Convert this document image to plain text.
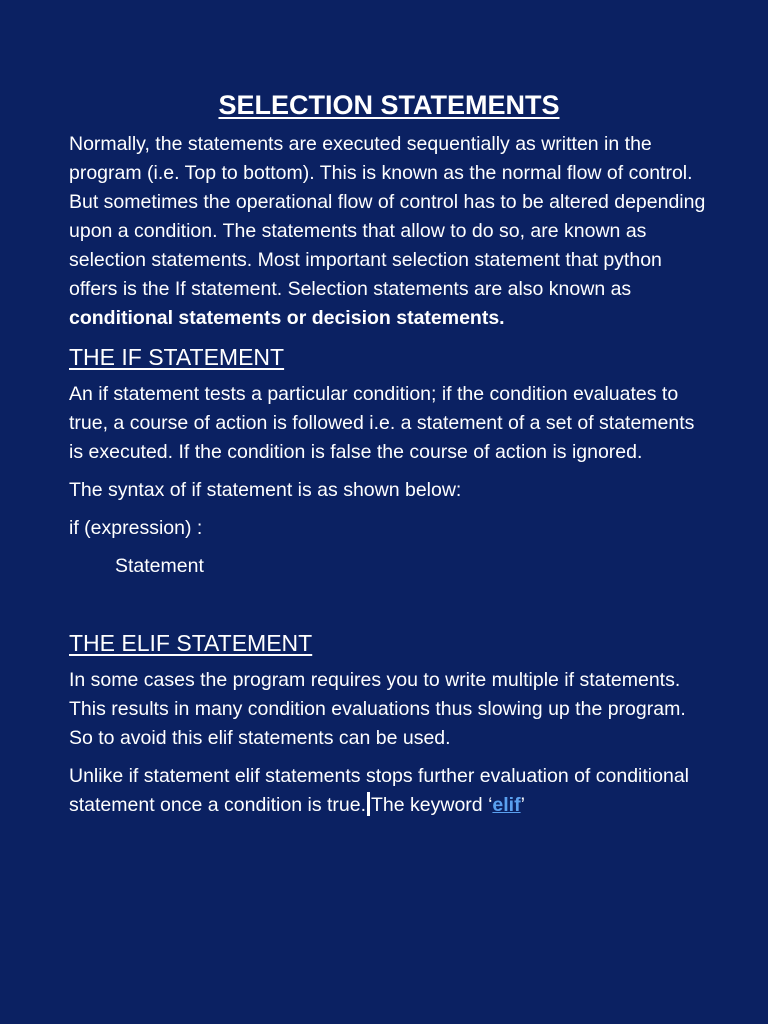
SELECTION STATEMENTS

Normally, the statements are executed sequentially as written in the program (i.e. Top to bottom). This is known as the normal flow of control. But sometimes the operational flow of control has to be altered depending upon a condition. The statements that allow to do so, are known as selection statements. Most important selection statement that python offers is the If statement. Selection statements are also known as conditional statements or decision statements.

THE IF STATEMENT

An if statement tests a particular condition; if the condition evaluates to true, a course of action is followed i.e. a statement of a set of statements is executed. If the condition is false the course of action is ignored.

The syntax of if statement is as shown below:

if (expression) :

Statement

THE ELIF STATEMENT

In some cases the program requires you to write multiple if statements. This results in many condition evaluations thus slowing up the program. So to avoid this elif statements can be used.

Unlike if statement elif statements stops further evaluation of conditional statement once a condition is true. The keyword ‘elif’
